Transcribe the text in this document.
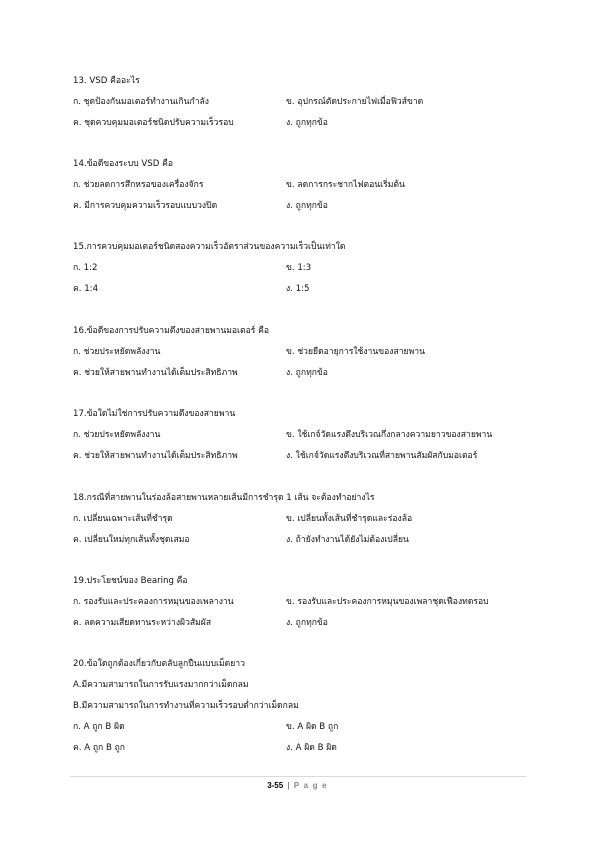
13. VSD คืออะไร
ก. ชุดป้องกันมอเตอร์ทำงานเกินกำลัง	ข. อุปกรณ์ตัดประกายไฟเมื่อฟิวส์ขาด
ค. ชุดควบคุมมอเตอร์ชนิดปรับความเร็วรอบ	ง. ถูกทุกข้อ
14.ข้อดีของระบบ VSD คือ
ก. ช่วยลดการสึกหรอของเครื่องจักร	ข. ลดการกระชากไฟตอนเริ่มต้น
ค. มีการควบคุมความเร็วรอบแบบวงปิด	ง. ถูกทุกข้อ
15.การควบคุมมอเตอร์ชนิดสองความเร็วอัตราส่วนของความเร็วเป็นเท่าใด
ก. 1:2	ข. 1:3
ค. 1:4	ง. 1:5
16.ข้อดีของการปรับความตึงของสายพานมอเตอร์ คือ
ก. ช่วยประหยัดพลังงาน	ข. ช่วยยืดอายุการใช้งานของสายพาน
ค. ช่วยให้สายพานทำงานได้เต็มประสิทธิภาพ	ง. ถูกทุกข้อ
17.ข้อใดไม่ใช่การปรับความตึงของสายพาน
ก. ช่วยประหยัดพลังงาน	ข. ใช้เกจ์วัดแรงตึงบริเวณกึ่งกลางความยาวของสายพาน
ค. ช่วยให้สายพานทำงานได้เต็มประสิทธิภาพ	ง. ใช้เกจ์วัดแรงตึงบริเวณที่สายพานสัมผัสกับมอเตอร์
18.กรณีที่สายพานในร่องล้อสายพานหลายเส้นมีการชำรุด 1 เส้น จะต้องทำอย่างไร
ก. เปลี่ยนเฉพาะเส้นที่ชำรุด	ข. เปลี่ยนทั้งเส้นที่ชำรุดและร่องล้อ
ค. เปลี่ยนใหม่ทุกเส้นทั้งชุดเสมอ	ง. ถ้ายังทำงานได้ยังไม่ต้องเปลี่ยน
19.ประโยชน์ของ Bearing คือ
ก. รองรับและประคองการหมุนของเพลางาน	ข. รองรับและประคองการหมุนของเพลาชุดเฟืองทดรอบ
ค. ลดความเสียดทานระหว่างผิวสัมผัส	ง. ถูกทุกข้อ
20.ข้อใดถูกต้องเกี่ยวกับตลับลูกปืนแบบเม็ดยาว
A.มีความสามารถในการรับแรงมากกว่าเม็ดกลม
B.มีความสามารถในการทำงานที่ความเร็วรอบต่ำกว่าเม็ดกลม
ก. A ถูก B ผิด	ข. A ผิด B ถูก
ค. A ถูก B ถูก	ง. A ผิด B ผิด
3-55 | P a g e
